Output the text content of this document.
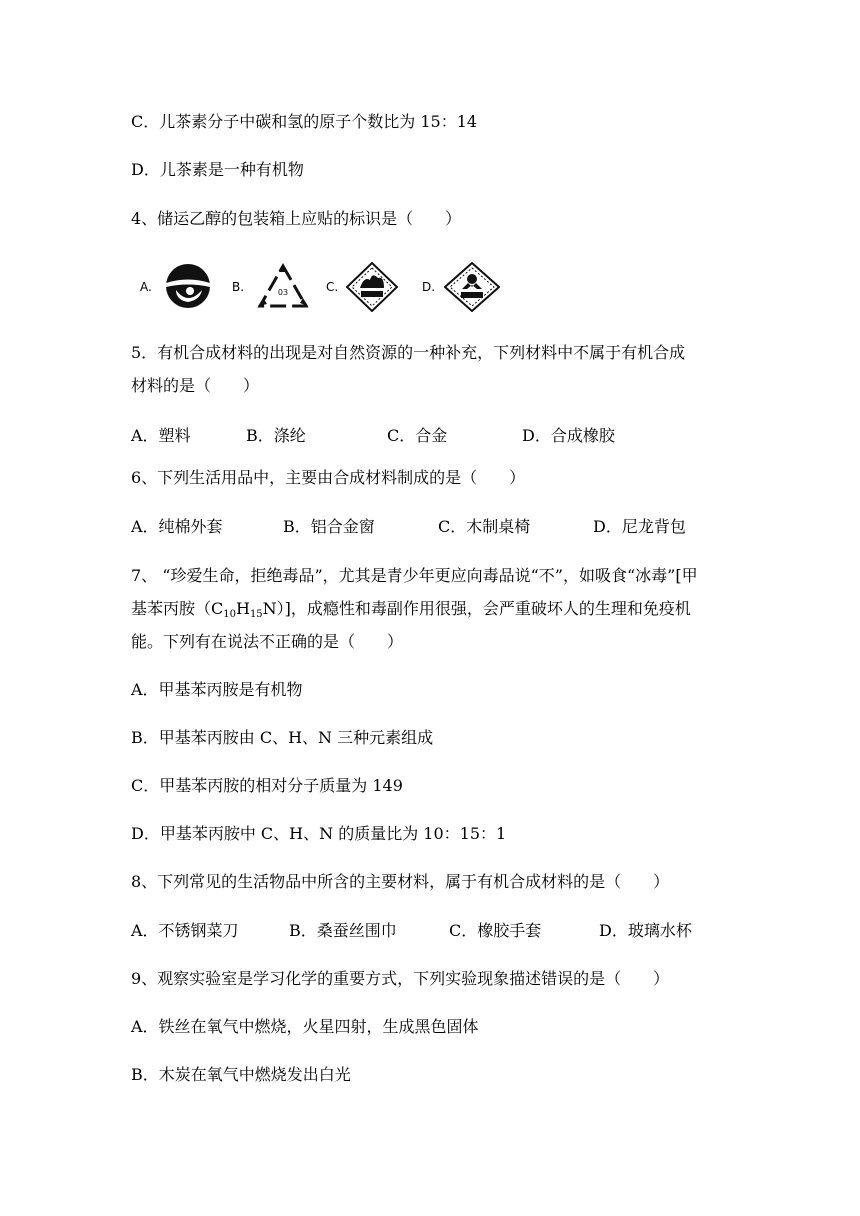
C．儿茶素分子中碳和氢的原子个数比为 15：14
D．儿茶素是一种有机物
4、储运乙醇的包装箱上应贴的标识是（　　）
A.	B.	03	C.	D.
5．有机合成材料的出现是对自然资源的一种补充，下列材料中不属于有机合成
材料的是（　　）
A．塑料	B．涤纶	C．合金	D．合成橡胶
6、下列生活用品中，主要由合成材料制成的是（　　）
A．纯棉外套	B．铝合金窗	C．木制桌椅	D．尼龙背包
7、 “珍爱生命，拒绝毒品”，尤其是青少年更应向毒品说“不”，如吸食“冰毒”[甲
基苯丙胺$(C_{10}H_{15}N)$]，成瘾性和毒副作用很强，会严重破坏人的生理和免疫机
能。下列有在说法不正确的是（　　）
A．甲基苯丙胺是有机物
B．甲基苯丙胺由 C、H、N 三种元素组成
C．甲基苯丙胺的相对分子质量为 149
D．甲基苯丙胺中 C、H、N 的质量比为 10：15：1
8、下列常见的生活物品中所含的主要材料，属于有机合成材料的是（　　）
A．不锈钢菜刀	B．桑蚕丝围巾	C．橡胶手套	D．玻璃水杯
9、观察实验室是学习化学的重要方式，下列实验现象描述错误的是（　　）
A．铁丝在氧气中燃烧，火星四射，生成黑色固体
B．木炭在氧气中燃烧发出白光
